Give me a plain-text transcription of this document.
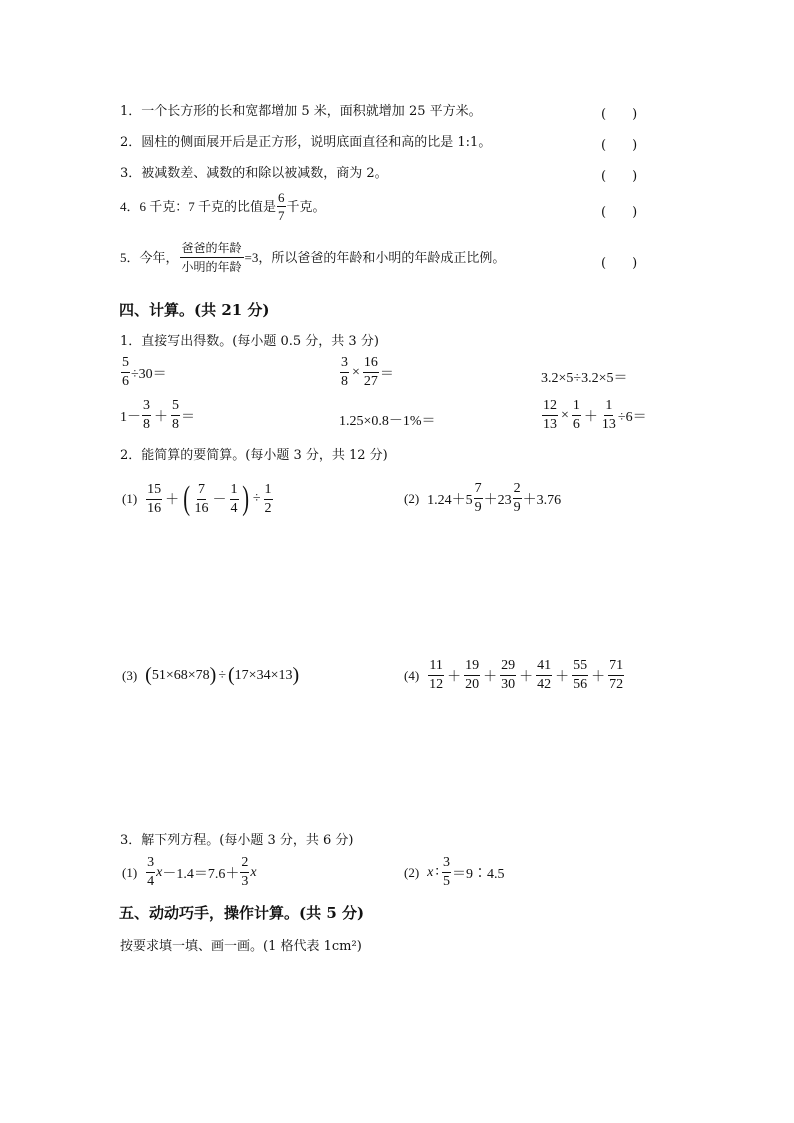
1．一个长方形的长和宽都增加 5 米，面积就增加 25 平方米。	(　　)
2．圆柱的侧面展开后是正方形，说明底面直径和高的比是 1:1。	(　　)
3．被减数差、减数的和除以被减数，商为 2。	(　　)
4．6 千克：7 千克的比值是 $\frac{6}{7}$ 千克。	(　　)
5．今年， $\frac{\text{爸爸的年龄}}{\text{小明的年龄}} =3$，所以爸爸的年龄和小明的年龄成正比例。	(　　)
四、计算。(共 21 分)
1．直接写出得数。(每小题 0.5 分，共 3 分)
$\frac{5}{6} \div 30=$	$\frac{3}{8} \times \frac{16}{27}$ ＝	3.2×5÷3.2×5＝
$1- \frac{3}{8} + \frac{5}{8}$ ＝	1.25×0.8－1%＝	$\frac{12}{13} \times \frac{1}{6} + \frac{1}{13} \div 6=$
2．能简算的要简算。(每小题 3 分，共 12 分)
$(1) \frac{15}{16}$ ＋ ( $\frac{7}{16} - \frac{1}{4}$ ) ÷ $\frac{1}{2}$	(2) $1.24+5 \frac{7}{9} +23 \frac{2}{9} +3.76$
(3) ( 51×68×78 ) ÷ ( 17×34×13 )	$(4) \frac{11}{12} + \frac{19}{20} + \frac{29}{30} + \frac{41}{42} + \frac{55}{56} + \frac{71}{72}$
3．解下列方程。(每小题 3 分，共 6 分)
$(1) \frac{3}{4}$ $x -1.4=7.6+ \frac{2}{3}$ x	(2) x ∶ $\frac{3}{5}$ ＝9∶4.5
五、动动巧手，操作计算。(共 5 分)
按要求填一填、画一画。(1 格代表 1cm²)
